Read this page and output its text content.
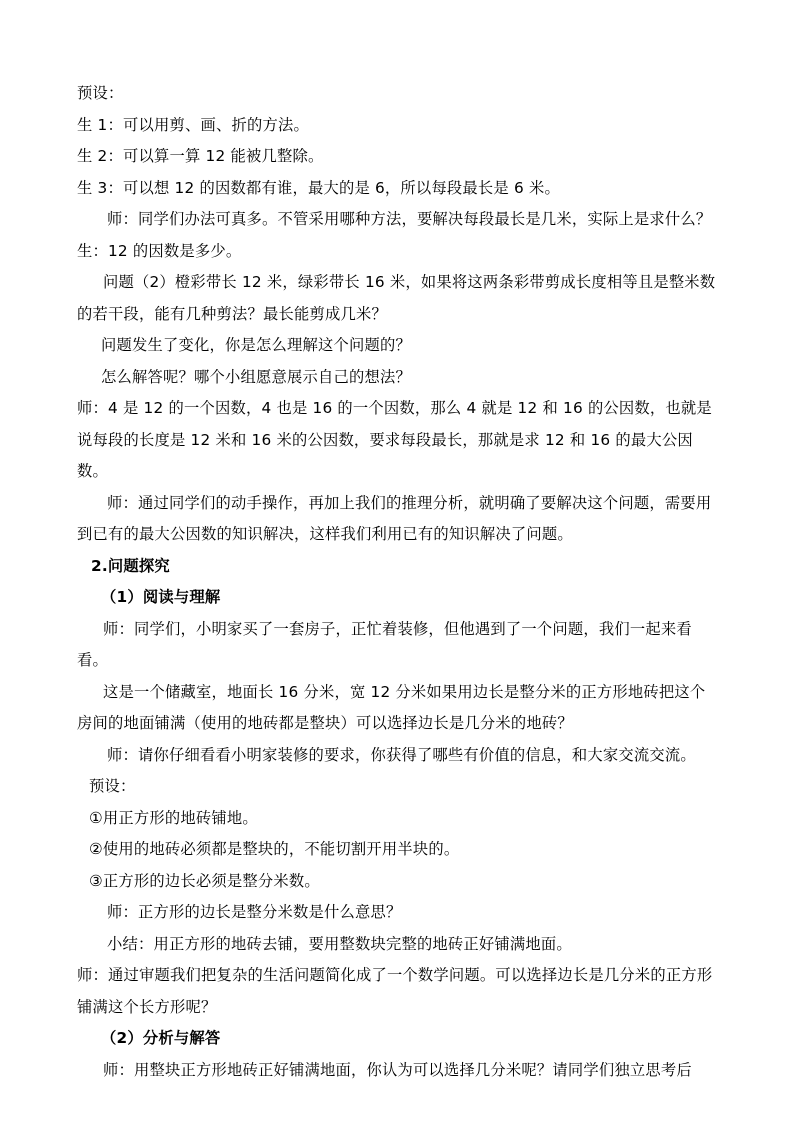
预设：

生 1：可以用剪、画、折的方法。

生 2：可以算一算 12 能被几整除。

生 3：可以想 12 的因数都有谁，最大的是 6，所以每段最长是 6 米。

师：同学们办法可真多。不管采用哪种方法，要解决每段最长是几米，实际上是求什么？

生：12 的因数是多少。

问题（2）橙彩带长 12 米，绿彩带长 16 米，如果将这两条彩带剪成长度相等且是整米数的若干段，能有几种剪法？最长能剪成几米？

问题发生了变化，你是怎么理解这个问题的？

怎么解答呢？哪个小组愿意展示自己的想法？

师：4 是 12 的一个因数，4 也是 16 的一个因数，那么 4 就是 12 和 16 的公因数，也就是说每段的长度是 12 米和 16 米的公因数，要求每段最长，那就是求 12 和 16 的最大公因数。

师：通过同学们的动手操作，再加上我们的推理分析，就明确了要解决这个问题，需要用到已有的最大公因数的知识解决，这样我们利用已有的知识解决了问题。

2.问题探究

（1）阅读与理解

师：同学们，小明家买了一套房子，正忙着装修，但他遇到了一个问题，我们一起来看看。

这是一个储藏室，地面长 16 分米，宽 12 分米如果用边长是整分米的正方形地砖把这个房间的地面铺满（使用的地砖都是整块）可以选择边长是几分米的地砖？

师：请你仔细看看小明家装修的要求，你获得了哪些有价值的信息，和大家交流交流。

预设：

①用正方形的地砖铺地。

②使用的地砖必须都是整块的，不能切割开用半块的。

③正方形的边长必须是整分米数。

师：正方形的边长是整分米数是什么意思？

小结：用正方形的地砖去铺，要用整数块完整的地砖正好铺满地面。

师：通过审题我们把复杂的生活问题简化成了一个数学问题。可以选择边长是几分米的正方形铺满这个长方形呢？

（2）分析与解答

师：用整块正方形地砖正好铺满地面，你认为可以选择几分米呢？请同学们独立思考后
